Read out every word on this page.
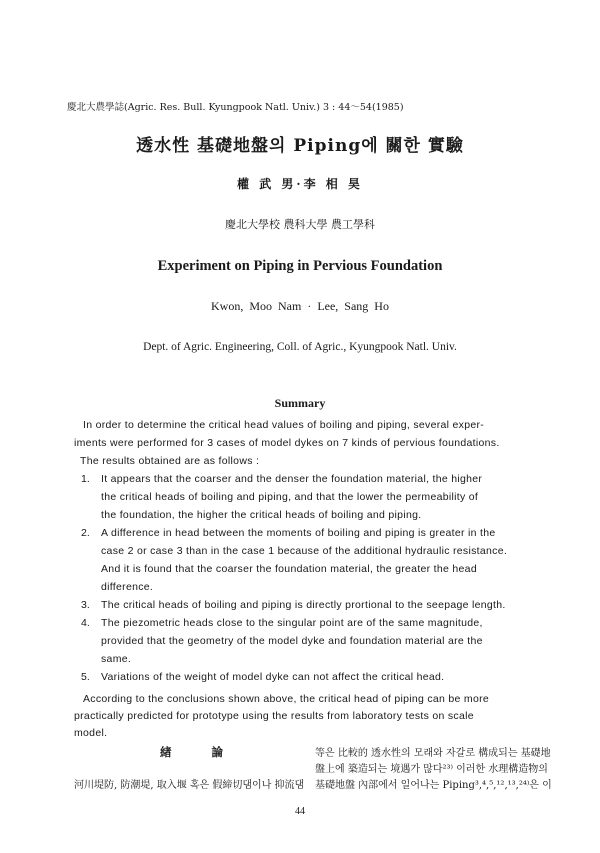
慶北大農學誌(Agric. Res. Bull. Kyungpook Natl. Univ.) 3 : 44～54(1985)
透水性 基礎地盤의 Piping에 關한 實驗
權 武 男·李 相 昊
慶北大學校 農科大學 農工學科
Experiment on Piping in Pervious Foundation
Kwon, Moo Nam · Lee, Sang Ho
Dept. of Agric. Engineering, Coll. of Agric., Kyungpook Natl. Univ.
Summary
In order to determine the critical head values of boiling and piping, several exper-
iments were performed for 3 cases of model dykes on 7 kinds of pervious foundations.
The results obtained are as follows :
1. It appears that the coarser and the denser the foundation material, the higher
the critical heads of boiling and piping, and that the lower the permeability of
the foundation, the higher the critical heads of boiling and piping.
2. A difference in head between the moments of boiling and piping is greater in the
case 2 or case 3 than in the case 1 because of the additional hydraulic resistance.
And it is found that the coarser the foundation material, the greater the head
difference.
3. The critical heads of boiling and piping is directly prortional to the seepage length.
4. The piezometric heads close to the singular point are of the same magnitude,
provided that the geometry of the model dyke and foundation material are the
same.
5. Variations of the weight of model dyke can not affect the critical head.
According to the conclusions shown above, the critical head of piping can be more
practically predicted for prototype using the results from laboratory tests on scale
model.
緖 論
河川堤防, 防潮堤, 取入堰 혹은 假締切댐이나 抑流댐
等은 比較的 透水性의 모래와 자갈로 構成되는 基礎地
盤上에 築造되는 境遇가 많다²³⁾ 이러한 水理構造物의
基礎地盤 內部에서 일어나는 Piping³,⁴,⁵,¹²,¹³,²⁴⁾은 이
44
